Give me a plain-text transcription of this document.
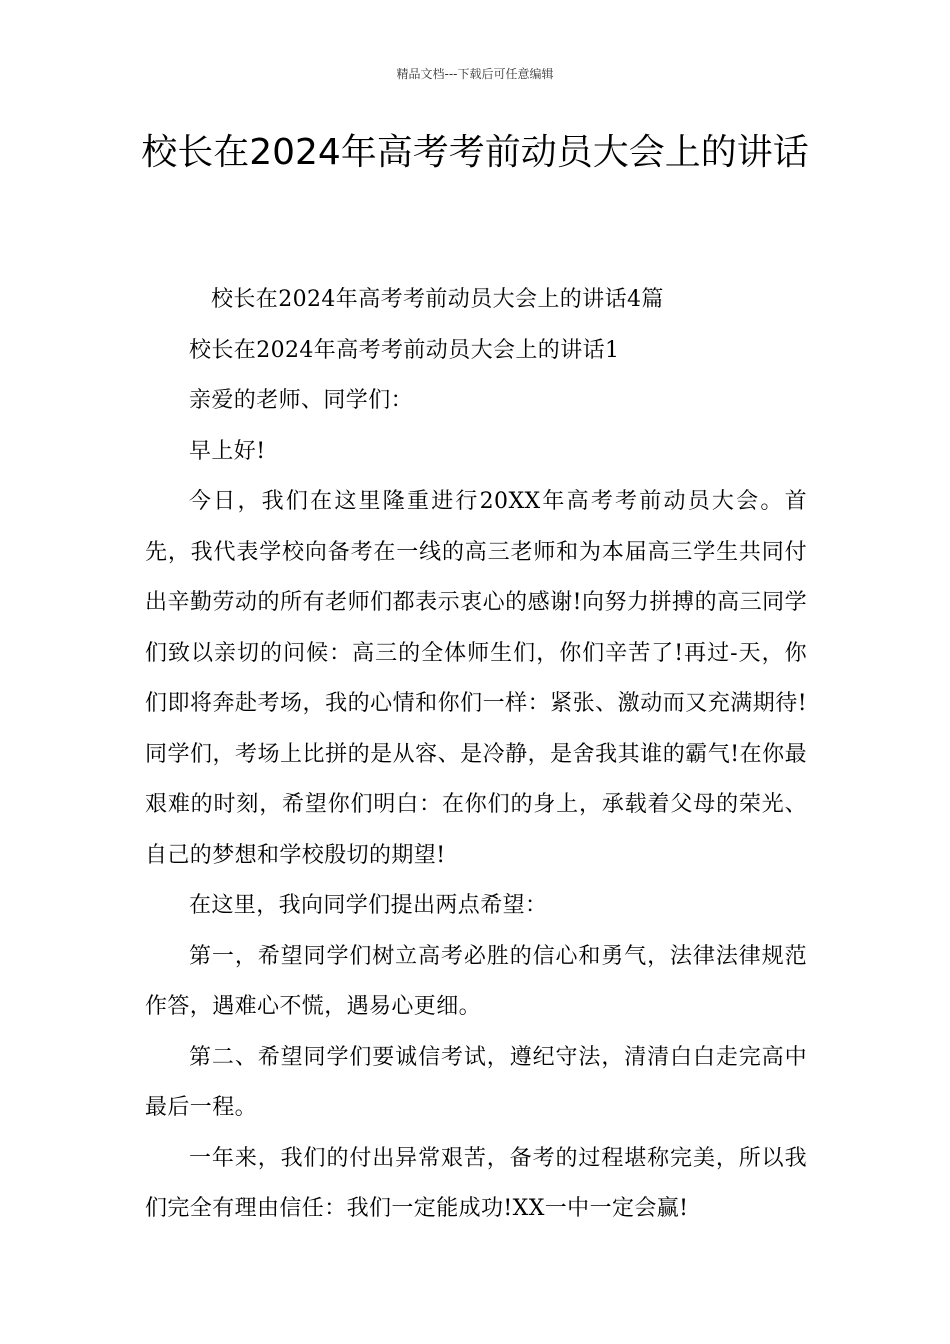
精品文档---下载后可任意编辑
校长在2024年高考考前动员大会上的讲话

校长在2024年高考考前动员大会上的讲话4篇

校长在2024年高考考前动员大会上的讲话1

亲爱的老师、同学们：

早上好!

今日，我们在这里隆重进行20XX年高考考前动员大会。首先，我代表学校向备考在一线的高三老师和为本届高三学生共同付出辛勤劳动的所有老师们都表示衷心的感谢!向努力拼搏的高三同学们致以亲切的问候：高三的全体师生们，你们辛苦了!再过-天，你们即将奔赴考场，我的心情和你们一样：紧张、激动而又充满期待!同学们，考场上比拼的是从容、是冷静，是舍我其谁的霸气!在你最艰难的时刻，希望你们明白：在你们的身上，承载着父母的荣光、自己的梦想和学校殷切的期望!

在这里，我向同学们提出两点希望：

第一，希望同学们树立高考必胜的信心和勇气，法律法律规范作答，遇难心不慌，遇易心更细。

第二、希望同学们要诚信考试，遵纪守法，清清白白走完高中最后一程。

一年来，我们的付出异常艰苦，备考的过程堪称完美，所以我们完全有理由信任：我们一定能成功!XX一中一定会赢!
